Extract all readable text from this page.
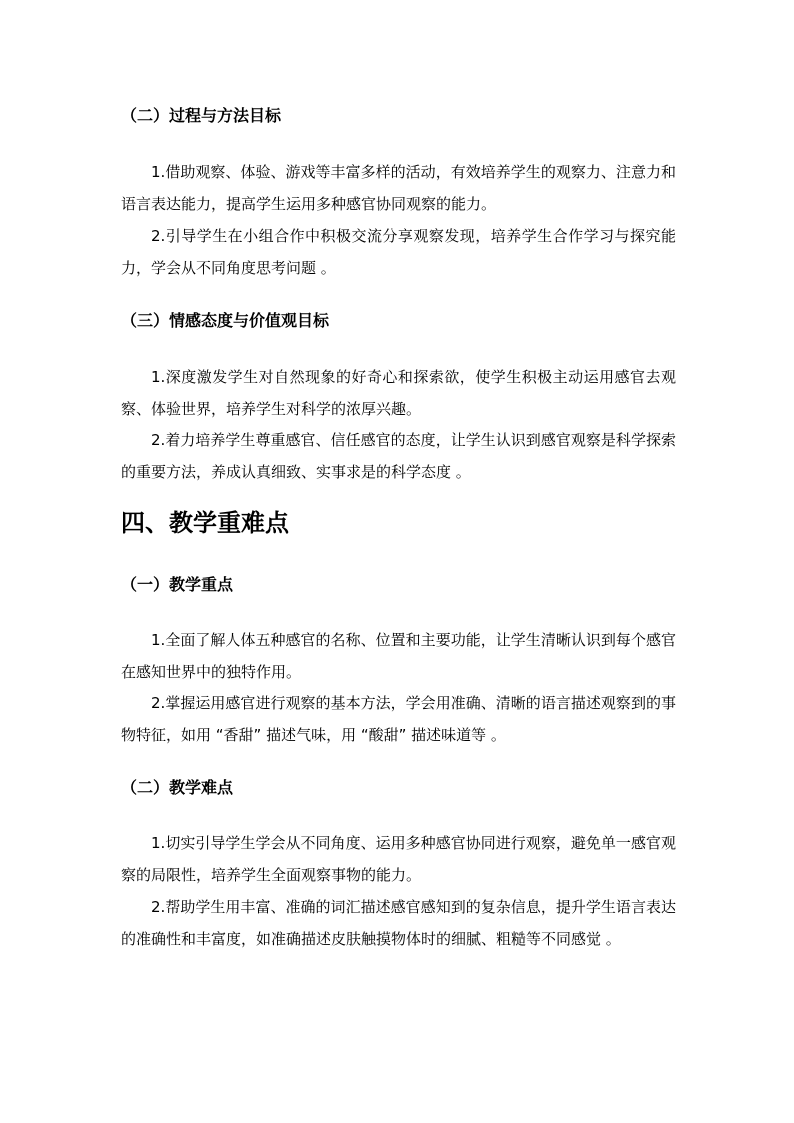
（二）过程与方法目标

1.借助观察、体验、游戏等丰富多样的活动，有效培养学生的观察力、注意力和语言表达能力，提高学生运用多种感官协同观察的能力。

2.引导学生在小组合作中积极交流分享观察发现，培养学生合作学习与探究能力，学会从不同角度思考问题 。

（三）情感态度与价值观目标

1.深度激发学生对自然现象的好奇心和探索欲，使学生积极主动运用感官去观察、体验世界，培养学生对科学的浓厚兴趣。

2.着力培养学生尊重感官、信任感官的态度，让学生认识到感官观察是科学探索的重要方法，养成认真细致、实事求是的科学态度 。

四、教学重难点
（一）教学重点

1.全面了解人体五种感官的名称、位置和主要功能，让学生清晰认识到每个感官在感知世界中的独特作用。

2.掌握运用感官进行观察的基本方法，学会用准确、清晰的语言描述观察到的事物特征，如用 “香甜” 描述气味，用 “酸甜” 描述味道等 。

（二）教学难点

1.切实引导学生学会从不同角度、运用多种感官协同进行观察，避免单一感官观察的局限性，培养学生全面观察事物的能力。

2.帮助学生用丰富、准确的词汇描述感官感知到的复杂信息，提升学生语言表达的准确性和丰富度，如准确描述皮肤触摸物体时的细腻、粗糙等不同感觉 。
